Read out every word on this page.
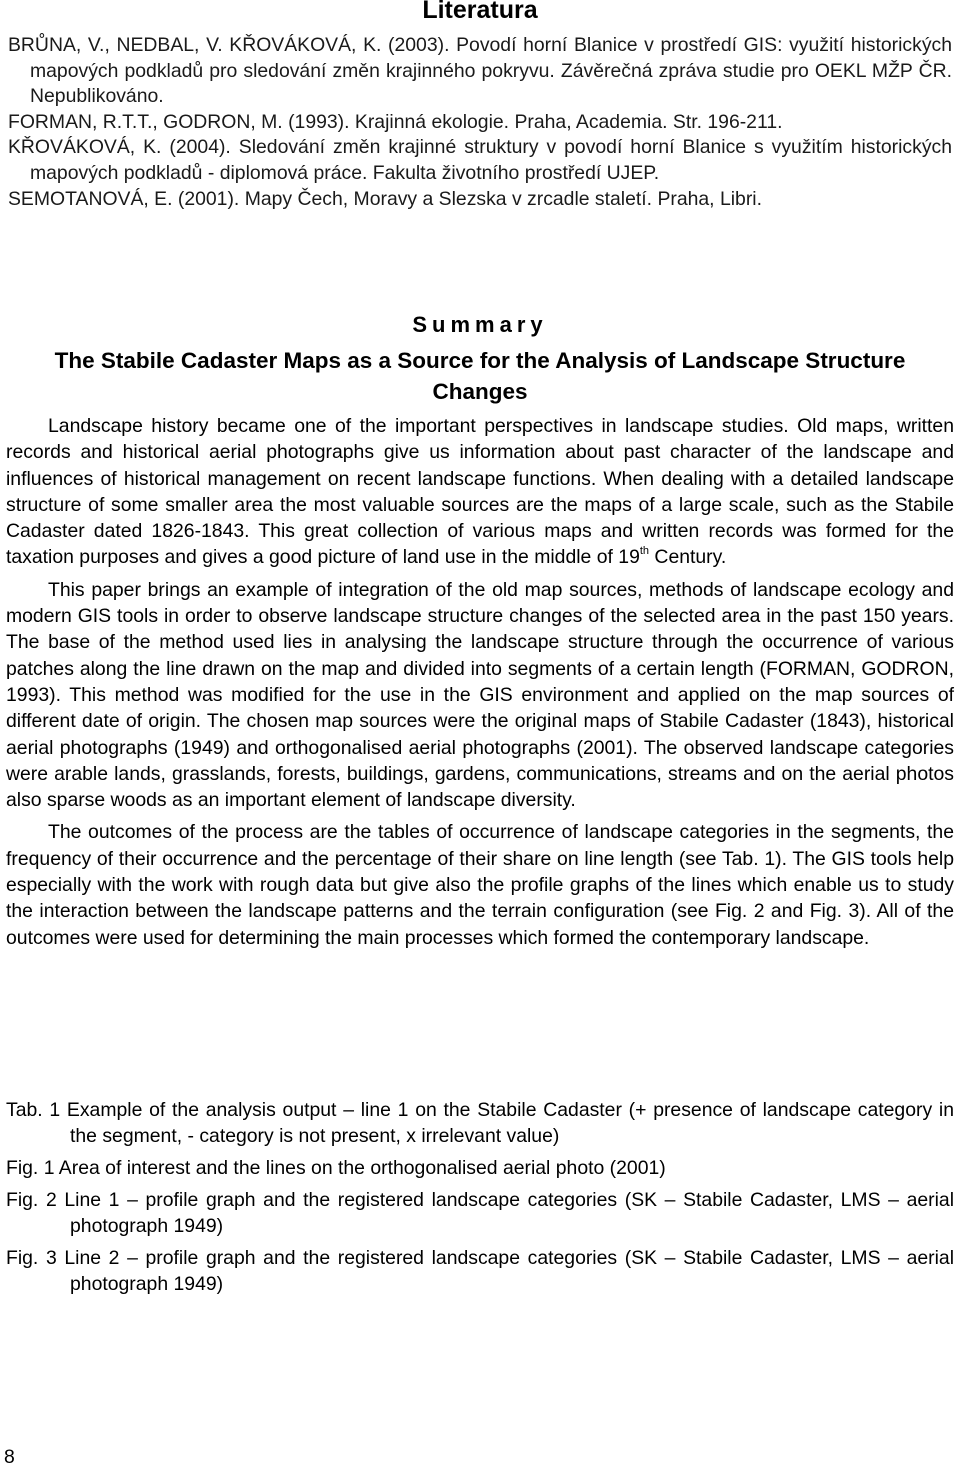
Literatura
BRŮNA, V., NEDBAL, V. KŘOVÁKOVÁ, K. (2003). Povodí horní Blanice v prostředí GIS: využití historických mapových podkladů pro sledování změn krajinného pokryvu. Závěrečná zpráva studie pro OEKL MŽP ČR. Nepublikováno.
FORMAN, R.T.T., GODRON, M. (1993). Krajinná ekologie. Praha, Academia. Str. 196-211.
KŘOVÁKOVÁ, K. (2004). Sledování změn krajinné struktury v povodí horní Blanice s využitím historických mapových podkladů - diplomová práce. Fakulta životního prostředí UJEP.
SEMOTANOVÁ, E. (2001). Mapy Čech, Moravy a Slezska v zrcadle staletí. Praha, Libri.
Summary
The Stabile Cadaster Maps as a Source for the Analysis of Landscape Structure Changes

Landscape history became one of the important perspectives in landscape studies. Old maps, written records and historical aerial photographs give us information about past character of the landscape and influences of historical management on recent landscape functions. When dealing with a detailed landscape structure of some smaller area the most valuable sources are the maps of a large scale, such as the Stabile Cadaster dated 1826-1843. This great collection of various maps and written records was formed for the taxation purposes and gives a good picture of land use in the middle of 19th Century.

This paper brings an example of integration of the old map sources, methods of landscape ecology and modern GIS tools in order to observe landscape structure changes of the selected area in the past 150 years. The base of the method used lies in analysing the landscape structure through the occurrence of various patches along the line drawn on the map and divided into segments of a certain length (FORMAN, GODRON, 1993). This method was modified for the use in the GIS environment and applied on the map sources of different date of origin. The chosen map sources were the original maps of Stabile Cadaster (1843), historical aerial photographs (1949) and orthogonalised aerial photographs (2001). The observed landscape categories were arable lands, grasslands, forests, buildings, gardens, communications, streams and on the aerial photos also sparse woods as an important element of landscape diversity.

The outcomes of the process are the tables of occurrence of landscape categories in the segments, the frequency of their occurrence and the percentage of their share on line length (see Tab. 1). The GIS tools help especially with the work with rough data but give also the profile graphs of the lines which enable us to study the interaction between the landscape patterns and the terrain configuration (see Fig. 2 and Fig. 3). All of the outcomes were used for determining the main processes which formed the contemporary landscape.

Tab. 1 Example of the analysis output – line 1 on the Stabile Cadaster (+ presence of landscape category in the segment, - category is not present, x irrelevant value)

Fig. 1 Area of interest and the lines on the orthogonalised aerial photo (2001)

Fig. 2 Line 1 – profile graph and the registered landscape categories (SK – Stabile Cadaster, LMS – aerial photograph 1949)

Fig. 3 Line 2 – profile graph and the registered landscape categories (SK – Stabile Cadaster, LMS – aerial photograph 1949)

8
